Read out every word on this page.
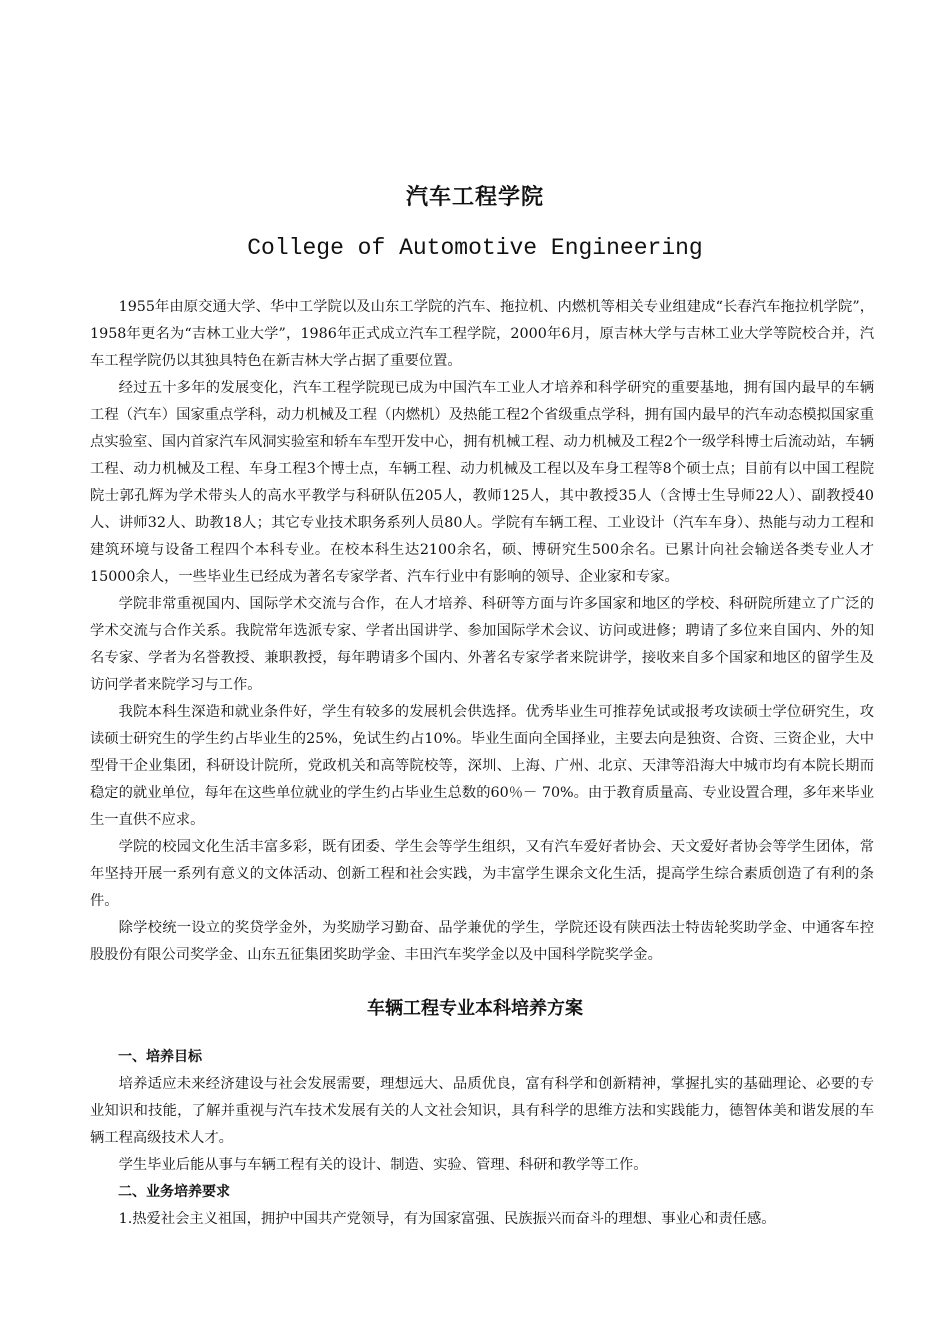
汽车工程学院
College of Automotive Engineering

1955年由原交通大学、华中工学院以及山东工学院的汽车、拖拉机、内燃机等相关专业组建成“长春汽车拖拉机学院”，1958年更名为“吉林工业大学”，1986年正式成立汽车工程学院，2000年6月，原吉林大学与吉林工业大学等院校合并，汽车工程学院仍以其独具特色在新吉林大学占据了重要位置。

经过五十多年的发展变化，汽车工程学院现已成为中国汽车工业人才培养和科学研究的重要基地，拥有国内最早的车辆工程（汽车）国家重点学科，动力机械及工程（内燃机）及热能工程2个省级重点学科，拥有国内最早的汽车动态模拟国家重点实验室、国内首家汽车风洞实验室和轿车车型开发中心，拥有机械工程、动力机械及工程2个一级学科博士后流动站，车辆工程、动力机械及工程、车身工程3个博士点，车辆工程、动力机械及工程以及车身工程等8个硕士点；目前有以中国工程院院士郭孔辉为学术带头人的高水平教学与科研队伍205人，教师125人，其中教授35人（含博士生导师22人）、副教授40人、讲师32人、助教18人；其它专业技术职务系列人员80人。学院有车辆工程、工业设计（汽车车身）、热能与动力工程和建筑环境与设备工程四个本科专业。在校本科生达2100余名，硕、博研究生500余名。已累计向社会输送各类专业人才15000余人，一些毕业生已经成为著名专家学者、汽车行业中有影响的领导、企业家和专家。

学院非常重视国内、国际学术交流与合作，在人才培养、科研等方面与许多国家和地区的学校、科研院所建立了广泛的学术交流与合作关系。我院常年选派专家、学者出国讲学、参加国际学术会议、访问或进修；聘请了多位来自国内、外的知名专家、学者为名誉教授、兼职教授，每年聘请多个国内、外著名专家学者来院讲学，接收来自多个国家和地区的留学生及访问学者来院学习与工作。

我院本科生深造和就业条件好，学生有较多的发展机会供选择。优秀毕业生可推荐免试或报考攻读硕士学位研究生，攻读硕士研究生的学生约占毕业生的25%，免试生约占10%。毕业生面向全国择业，主要去向是独资、合资、三资企业，大中型骨干企业集团，科研设计院所，党政机关和高等院校等，深圳、上海、广州、北京、天津等沿海大中城市均有本院长期而稳定的就业单位，每年在这些单位就业的学生约占毕业生总数的60％－ 70%。由于教育质量高、专业设置合理，多年来毕业生一直供不应求。

学院的校园文化生活丰富多彩，既有团委、学生会等学生组织，又有汽车爱好者协会、天文爱好者协会等学生团体，常年坚持开展一系列有意义的文体活动、创新工程和社会实践，为丰富学生课余文化生活，提高学生综合素质创造了有利的条件。

除学校统一设立的奖贷学金外，为奖励学习勤奋、品学兼优的学生，学院还设有陕西法士特齿轮奖助学金、中通客车控股股份有限公司奖学金、山东五征集团奖助学金、丰田汽车奖学金以及中国科学院奖学金。

车辆工程专业本科培养方案

一、培养目标

培养适应未来经济建设与社会发展需要，理想远大、品质优良，富有科学和创新精神，掌握扎实的基础理论、必要的专业知识和技能，了解并重视与汽车技术发展有关的人文社会知识，具有科学的思维方法和实践能力，德智体美和谐发展的车辆工程高级技术人才。

学生毕业后能从事与车辆工程有关的设计、制造、实验、管理、科研和教学等工作。

二、业务培养要求

1.热爱社会主义祖国，拥护中国共产党领导，有为国家富强、民族振兴而奋斗的理想、事业心和责任感。
